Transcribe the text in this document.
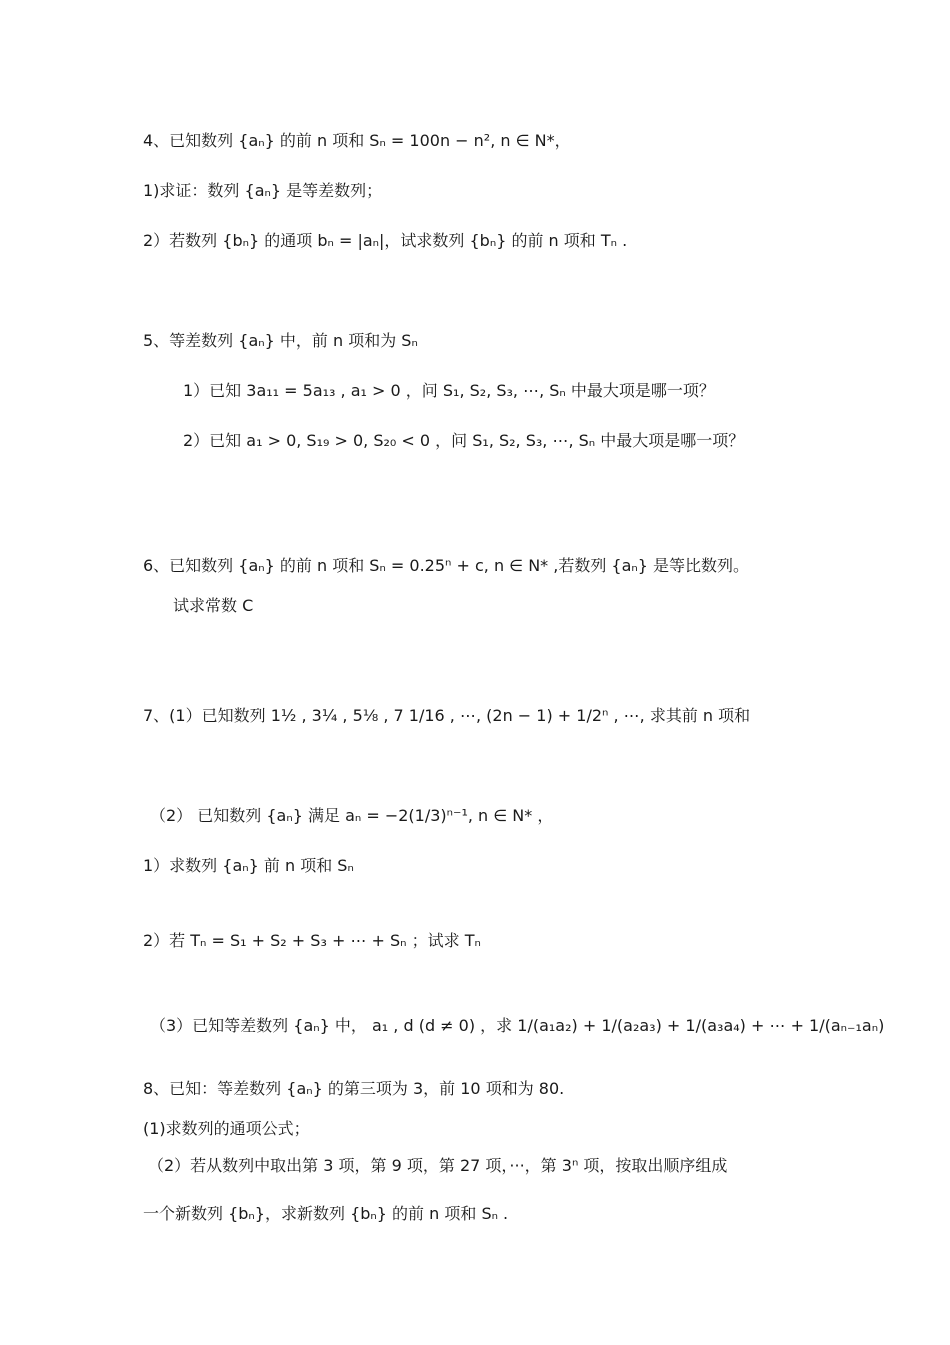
4、已知数列 {aₙ} 的前 n 项和 Sₙ = 100n − n², n ∈ N*，
1)求证：数列 {aₙ} 是等差数列；
2）若数列 {bₙ} 的通项 bₙ = |aₙ|，试求数列 {bₙ} 的前 n 项和 Tₙ .
5、等差数列 {aₙ} 中，前 n 项和为 Sₙ
1）已知 3a₁₁ = 5a₁₃ , a₁ > 0 ，问 S₁, S₂, S₃, ⋯, Sₙ 中最大项是哪一项？
2）已知 a₁ > 0, S₁₉ > 0, S₂₀ < 0 ，问 S₁, S₂, S₃, ⋯, Sₙ 中最大项是哪一项？
6、已知数列 {aₙ} 的前 n 项和 Sₙ = 0.25ⁿ + c, n ∈ N* ,若数列 {aₙ} 是等比数列。
试求常数 C
7、(1）已知数列 1½ , 3¼ , 5⅛ , 7 1/16 , ⋯, (2n − 1) + 1/2ⁿ , ⋯, 求其前 n 项和
（2） 已知数列 {aₙ} 满足 aₙ = −2(1/3)ⁿ⁻¹, n ∈ N* ，
1）求数列 {aₙ} 前 n 项和 Sₙ
2）若 Tₙ = S₁ + S₂ + S₃ + ⋯ + Sₙ ；试求 Tₙ
（3）已知等差数列 {aₙ} 中， a₁ , d (d ≠ 0) ，求 1/(a₁a₂) + 1/(a₂a₃) + 1/(a₃a₄) + ⋯ + 1/(aₙ₋₁aₙ)
8、已知：等差数列 {aₙ} 的第三项为 3，前 10 项和为 80.
(1)求数列的通项公式；
（2）若从数列中取出第 3 项，第 9 项，第 27 项，···，第 3ⁿ 项，按取出顺序组成
一个新数列 {bₙ}，求新数列 {bₙ} 的前 n 项和 Sₙ .
